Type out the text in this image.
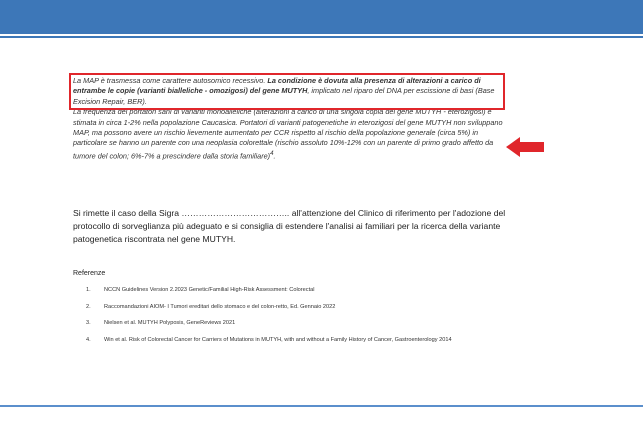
La MAP è trasmessa come carattere autosomico recessivo. La condizione è dovuta alla presenza di alterazioni a carico di entrambe le copie (varianti bialleliche - omozigosi) del gene MUTYH, implicato nel riparo del DNA per escissione di basi (Base Excision Repair, BER).

La frequenza dei portatori sani di varianti monoalleliche (alterazioni a carico di una singola copia del gene MUTYH - eterozigosi) è stimata in circa 1-2% nella popolazione Caucasica. Portatori di varianti patogenetiche in eterozigosi del gene MUTYH non sviluppano MAP, ma possono avere un rischio lievemente aumentato per CCR rispetto al rischio della popolazione generale (circa 5%) in particolare se hanno un parente con una neoplasia colorettale (rischio assoluto 10%-12% con un parente di primo grado affetto da tumore del colon; 6%-7% a prescindere dalla storia familiare)$^4$.

Si rimette il caso della Sigra ……………………………….. all'attenzione del Clinico di riferimento per l'adozione del protocollo di sorveglianza più adeguato e si consiglia di estendere l'analisi ai familiari per la ricerca della variante patogenetica riscontrata nel gene MUTYH.
Referenze
1.	NCCN Guidelines Version 2.2023 Genetic/Familial High-Risk Assessment: Colorectal
2.	Raccomandazioni AIOM- I Tumori ereditari dello stomaco e del colon-retto, Ed. Gennaio 2022
3.	Nielsen et al. MUTYH Polyposis, GeneReviews 2021
4.	Win et al. Risk of Colorectal Cancer for Carriers of Mutations in MUTYH, with and without a Family History of Cancer, Gastroenterology 2014
